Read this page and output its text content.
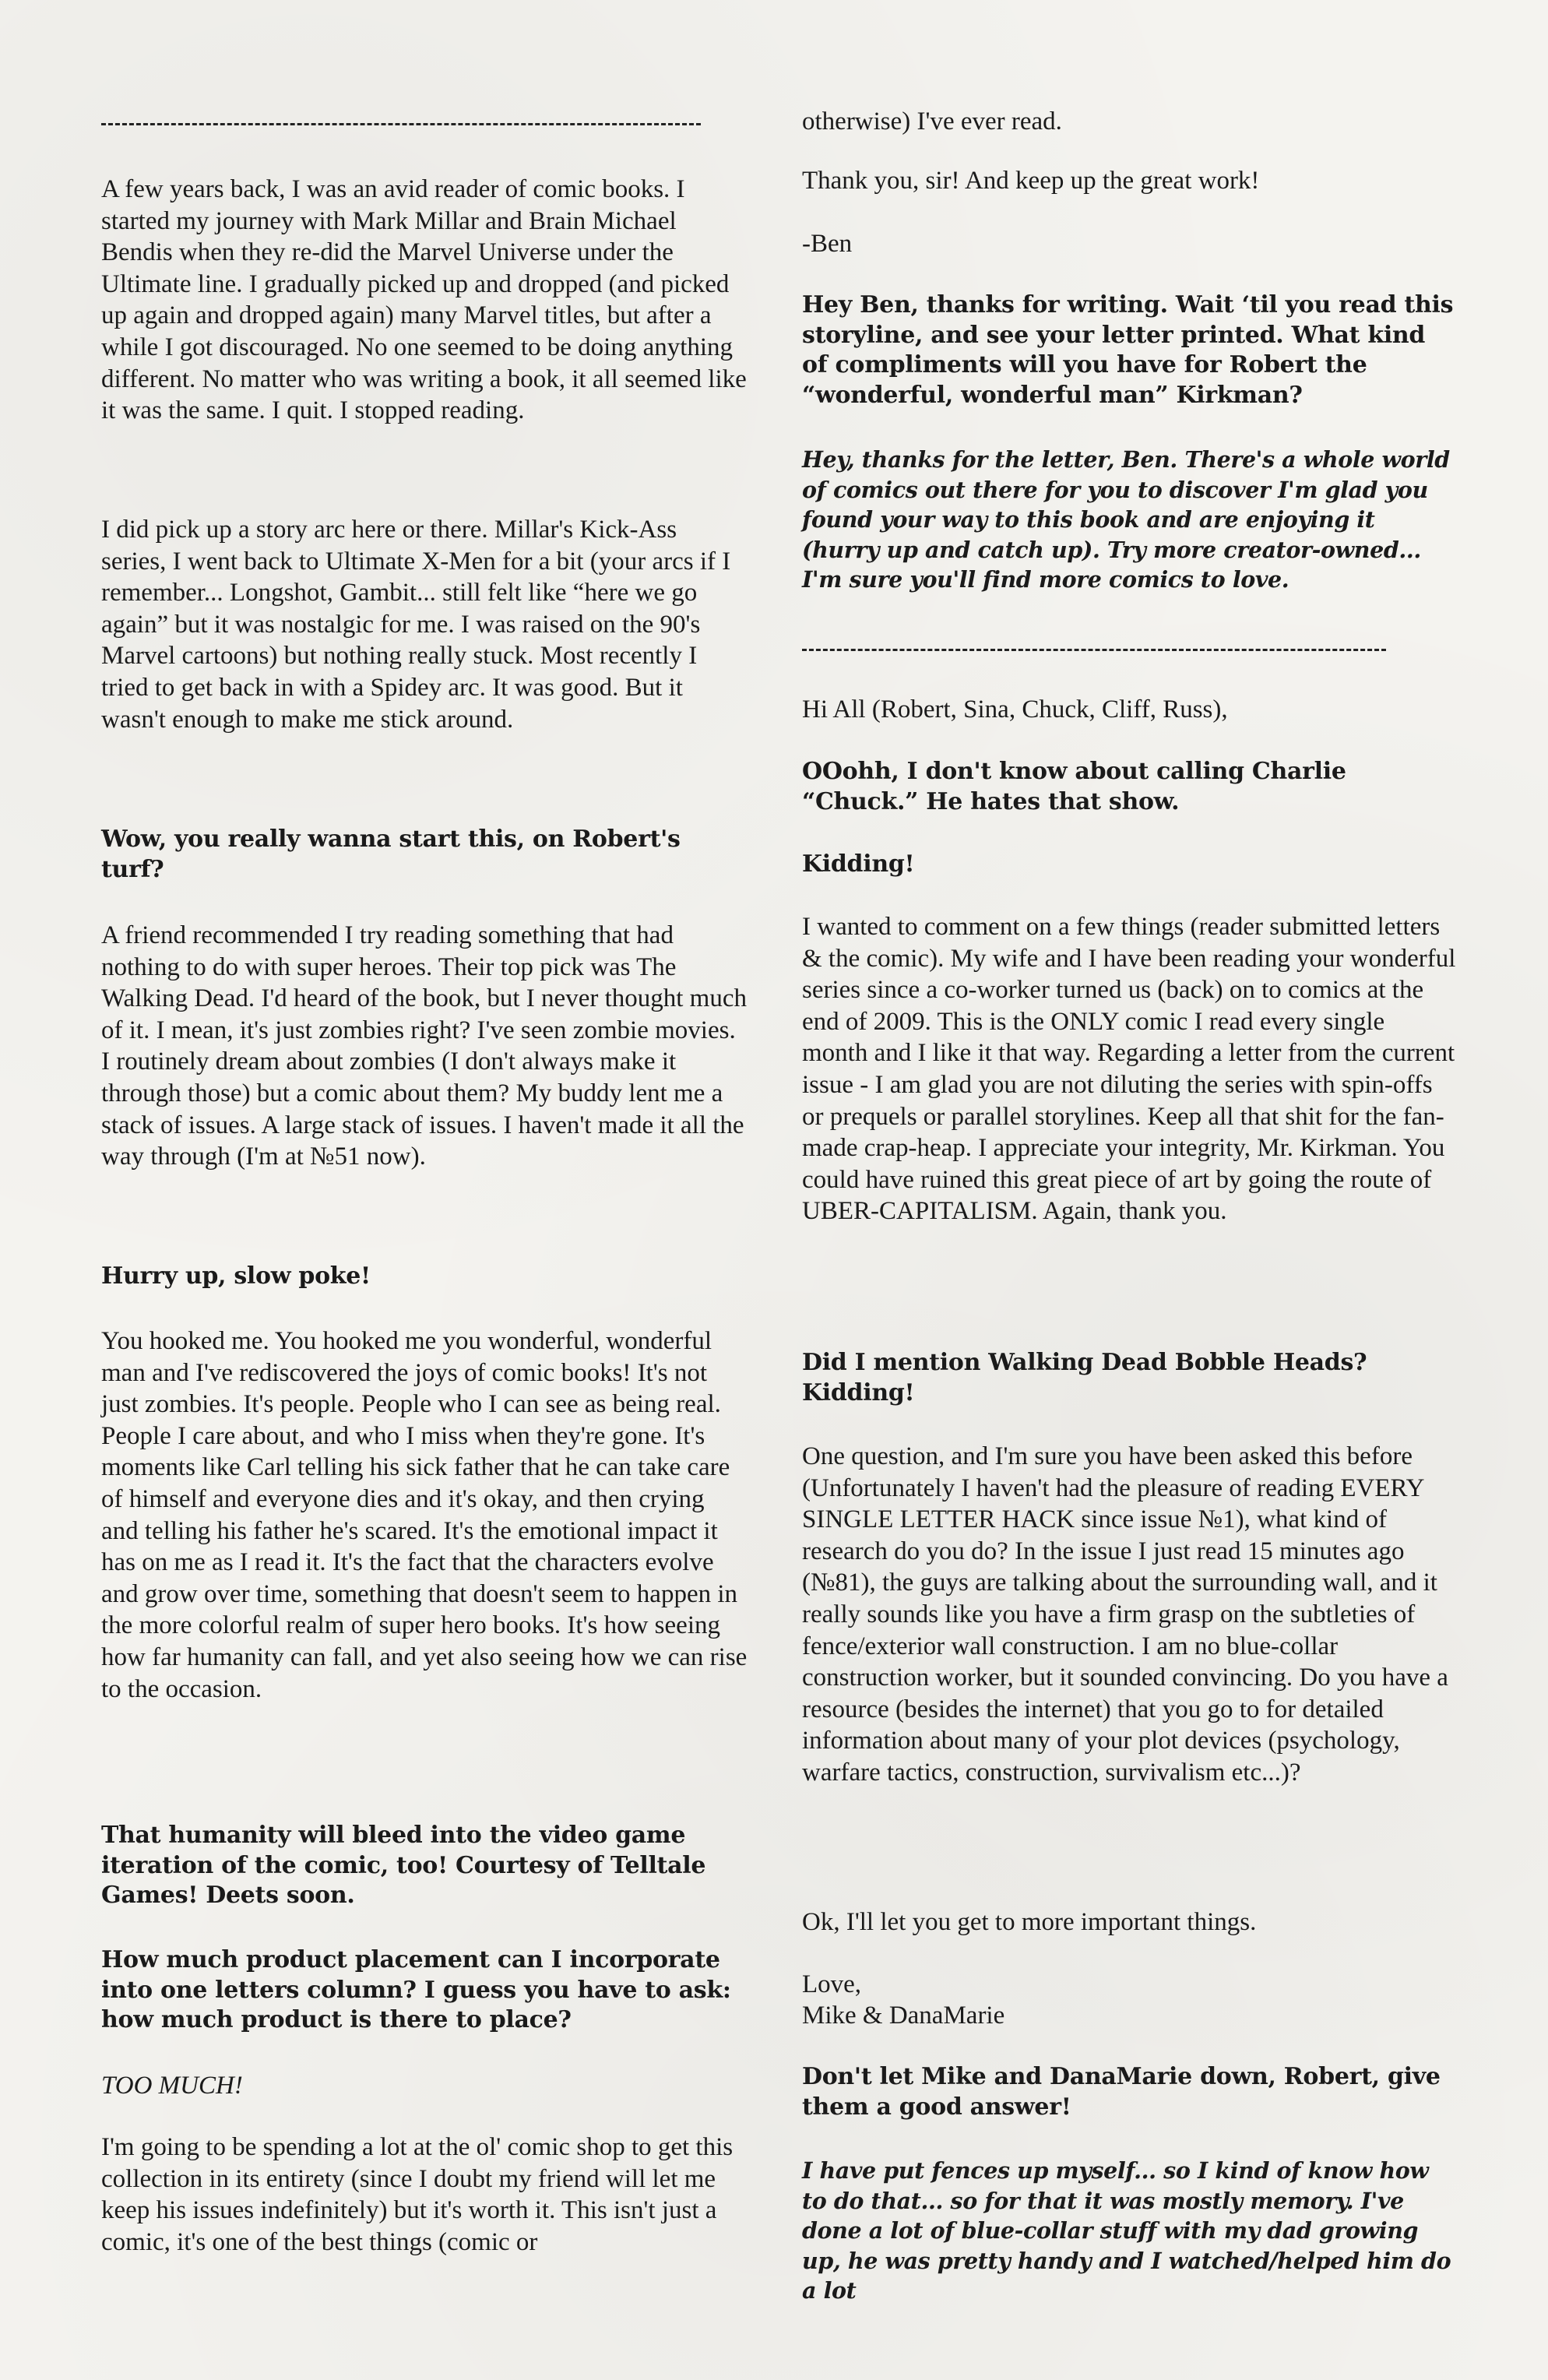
A few years back, I was an avid reader of comic books. I started my journey with Mark Millar and Brain Michael Bendis when they re-did the Marvel Universe under the Ultimate line. I gradually picked up and dropped (and picked up again and dropped again) many Marvel titles, but after a while I got discouraged. No one seemed to be doing anything different. No matter who was writing a book, it all seemed like it was the same. I quit. I stopped reading.

I did pick up a story arc here or there. Millar's Kick-Ass series, I went back to Ultimate X-Men for a bit (your arcs if I remember... Longshot, Gambit... still felt like “here we go again” but it was nostalgic for me. I was raised on the 90's Marvel cartoons) but nothing really stuck. Most recently I tried to get back in with a Spidey arc. It was good. But it wasn't enough to make me stick around.

Wow, you really wanna start this, on Robert's turf?

A friend recommended I try reading something that had nothing to do with super heroes. Their top pick was The Walking Dead. I'd heard of the book, but I never thought much of it. I mean, it's just zombies right? I've seen zombie movies. I routinely dream about zombies (I don't always make it through those) but a comic about them? My buddy lent me a stack of issues. A large stack of issues. I haven't made it all the way through (I'm at №51 now).

Hurry up, slow poke!

You hooked me. You hooked me you wonderful, wonderful man and I've rediscovered the joys of comic books! It's not just zombies. It's people. People who I can see as being real. People I care about, and who I miss when they're gone. It's moments like Carl telling his sick father that he can take care of himself and everyone dies and it's okay, and then crying and telling his father he's scared. It's the emotional impact it has on me as I read it. It's the fact that the characters evolve and grow over time, something that doesn't seem to happen in the more colorful realm of super hero books. It's how seeing how far humanity can fall, and yet also seeing how we can rise to the occasion.

That humanity will bleed into the video game iteration of the comic, too! Courtesy of Telltale Games! Deets soon.

How much product placement can I incorporate into one letters column? I guess you have to ask: how much product is there to place?

TOO MUCH!

I'm going to be spending a lot at the ol' comic shop to get this collection in its entirety (since I doubt my friend will let me keep his issues indefinitely) but it's worth it. This isn't just a comic, it's one of the best things (comic or

otherwise) I've ever read.

Thank you, sir! And keep up the great work!

-Ben

Hey Ben, thanks for writing. Wait ‘til you read this storyline, and see your letter printed. What kind of compliments will you have for Robert the “wonderful, wonderful man” Kirkman?

Hey, thanks for the letter, Ben. There's a whole world of comics out there for you to discover I'm glad you found your way to this book and are enjoying it (hurry up and catch up). Try more creator-owned... I'm sure you'll find more comics to love.

Hi All (Robert, Sina, Chuck, Cliff, Russ),

OOohh, I don't know about calling Charlie “Chuck.” He hates that show.

Kidding!

I wanted to comment on a few things (reader submitted letters & the comic). My wife and I have been reading your wonderful series since a co-worker turned us (back) on to comics at the end of 2009. This is the ONLY comic I read every single month and I like it that way. Regarding a letter from the current issue - I am glad you are not diluting the series with spin-offs or prequels or parallel storylines. Keep all that shit for the fan-made crap-heap. I appreciate your integrity, Mr. Kirkman. You could have ruined this great piece of art by going the route of UBER-CAPITALISM. Again, thank you.

Did I mention Walking Dead Bobble Heads? Kidding!

One question, and I'm sure you have been asked this before (Unfortunately I haven't had the pleasure of reading EVERY SINGLE LETTER HACK since issue №1), what kind of research do you do? In the issue I just read 15 minutes ago (№81), the guys are talking about the surrounding wall, and it really sounds like you have a firm grasp on the subtleties of fence/exterior wall construction. I am no blue-collar construction worker, but it sounded convincing. Do you have a resource (besides the internet) that you go to for detailed information about many of your plot devices (psychology, warfare tactics, construction, survivalism etc...)?

Ok, I'll let you get to more important things.

Love,

Mike & DanaMarie

Don't let Mike and DanaMarie down, Robert, give them a good answer!

I have put fences up myself... so I kind of know how to do that... so for that it was mostly memory. I've done a lot of blue-collar stuff with my dad growing up, he was pretty handy and I watched/helped him do a lot
